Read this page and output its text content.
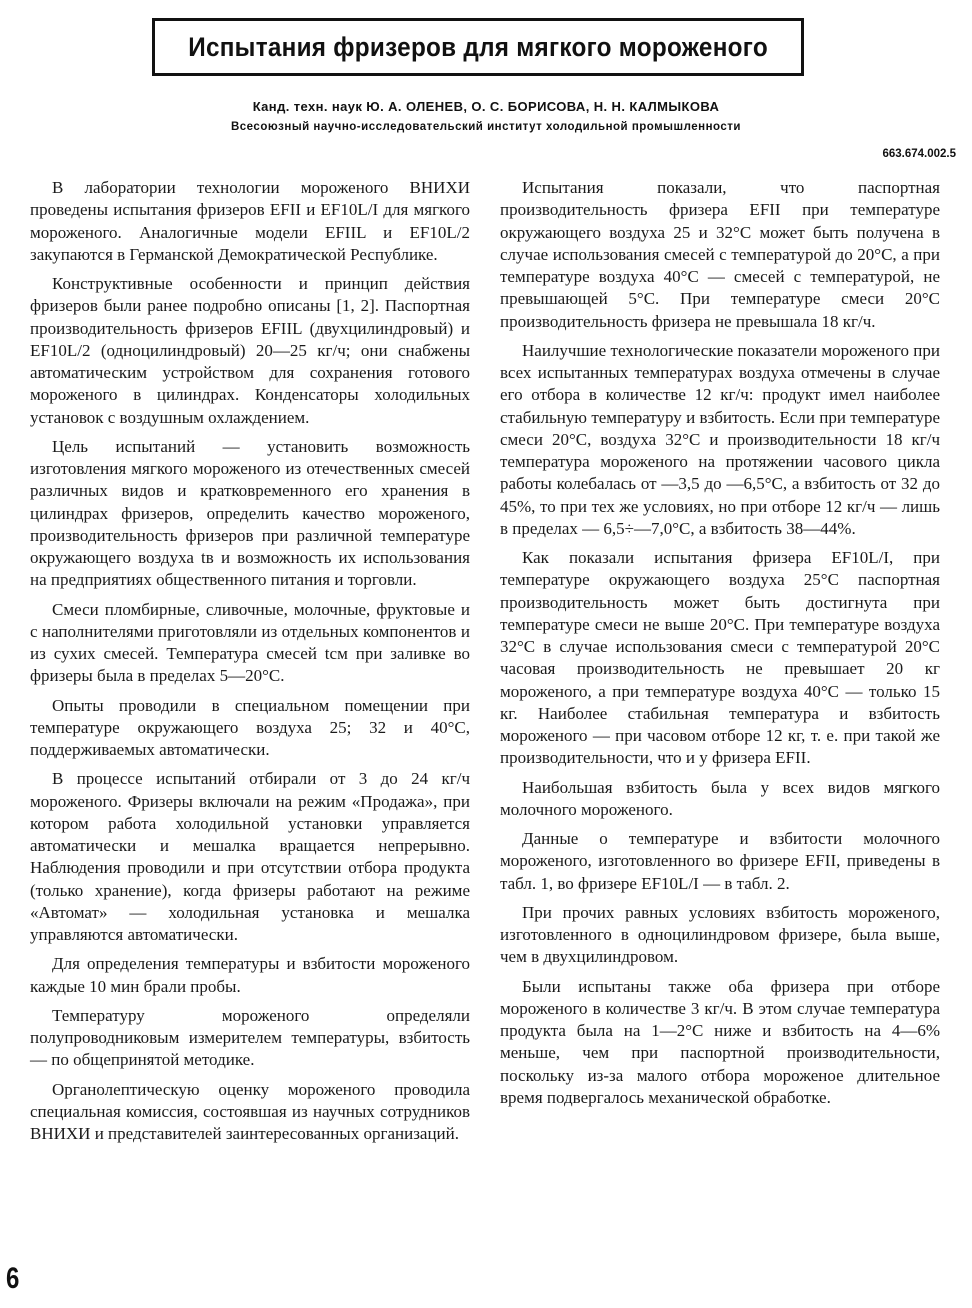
Испытания фризеров для мягкого мороженого
Канд. техн. наук Ю. А. ОЛЕНЕВ, О. С. БОРИСОВА, Н. Н. КАЛМЫКОВА
Всесоюзный научно-исследовательский институт холодильной промышленности
663.674.002.5

В лаборатории технологии мороженого ВНИХИ проведены испытания фризеров EFII и EF10L/I для мягкого мороженого. Аналогичные модели EFIIL и EF10L/2 закупаются в Германской Демократической Республике.

Конструктивные особенности и принцип действия фризеров были ранее подробно описаны [1, 2]. Паспортная производительность фризеров EFIIL (двухцилиндровый) и EF10L/2 (одноцилиндровый) 20—25 кг/ч; они снабжены автоматическим устройством для сохранения готового мороженого в цилиндрах. Конденсаторы холодильных установок с воздушным охлаждением.

Цель испытаний — установить возможность изготовления мягкого мороженого из отечественных смесей различных видов и кратковременного его хранения в цилиндрах фризеров, определить качество мороженого, производительность фризеров при различной температуре окружающего воздуха tв и возможность их использования на предприятиях общественного питания и торговли.

Смеси пломбирные, сливочные, молочные, фруктовые и с наполнителями приготовляли из отдельных компонентов и из сухих смесей. Температура смесей tсм при заливке во фризеры была в пределах 5—20°С.

Опыты проводили в специальном помещении при температуре окружающего воздуха 25; 32 и 40°С, поддерживаемых автоматически.

В процессе испытаний отбирали от 3 до 24 кг/ч мороженого. Фризеры включали на режим «Продажа», при котором работа холодильной установки управляется автоматически и мешалка вращается непрерывно. Наблюдения проводили и при отсутствии отбора продукта (только хранение), когда фризеры работают на режиме «Автомат» — холодильная установка и мешалка управляются автоматически.

Для определения температуры и взбитости мороженого каждые 10 мин брали пробы.

Температуру мороженого определяли полупроводниковым измерителем температуры, взбитость — по общепринятой методике.

Органолептическую оценку мороженого проводила специальная комиссия, состоявшая из научных сотрудников ВНИХИ и представителей заинтересованных организаций.

Испытания показали, что паспортная производительность фризера EFII при температуре окружающего воздуха 25 и 32°С может быть получена в случае использования смесей с температурой до 20°С, а при температуре воздуха 40°С — смесей с температурой, не превышающей 5°С. При температуре смеси 20°С производительность фризера не превышала 18 кг/ч.

Наилучшие технологические показатели мороженого при всех испытанных температурах воздуха отмечены в случае его отбора в количестве 12 кг/ч: продукт имел наиболее стабильную температуру и взбитость. Если при температуре смеси 20°С, воздуха 32°С и производительности 18 кг/ч температура мороженого на протяжении часового цикла работы колебалась от —3,5 до —6,5°С, а взбитость от 32 до 45%, то при тех же условиях, но при отборе 12 кг/ч — лишь в пределах — 6,5÷—7,0°С, а взбитость 38—44%.

Как показали испытания фризера EF10L/I, при температуре окружающего воздуха 25°С паспортная производительность может быть достигнута при температуре смеси не выше 20°С. При температуре воздуха 32°С в случае использования смеси с температурой 20°С часовая производительность не превышает 20 кг мороженого, а при температуре воздуха 40°С — только 15 кг. Наиболее стабильная температура и взбитость мороженого — при часовом отборе 12 кг, т. е. при такой же производительности, что и у фризера EFII.

Наибольшая взбитость была у всех видов мягкого молочного мороженого.

Данные о температуре и взбитости молочного мороженого, изготовленного во фризере EFII, приведены в табл. 1, во фризере EF10L/I — в табл. 2.

При прочих равных условиях взбитость мороженого, изготовленного в одноцилиндровом фризере, была выше, чем в двухцилиндровом.

Были испытаны также оба фризера при отборе мороженого в количестве 3 кг/ч. В этом случае температура продукта была на 1—2°С ниже и взбитость на 4—6% меньше, чем при паспортной производительности, поскольку из-за малого отбора мороженое длительное время подвергалось механической обработке.

6
